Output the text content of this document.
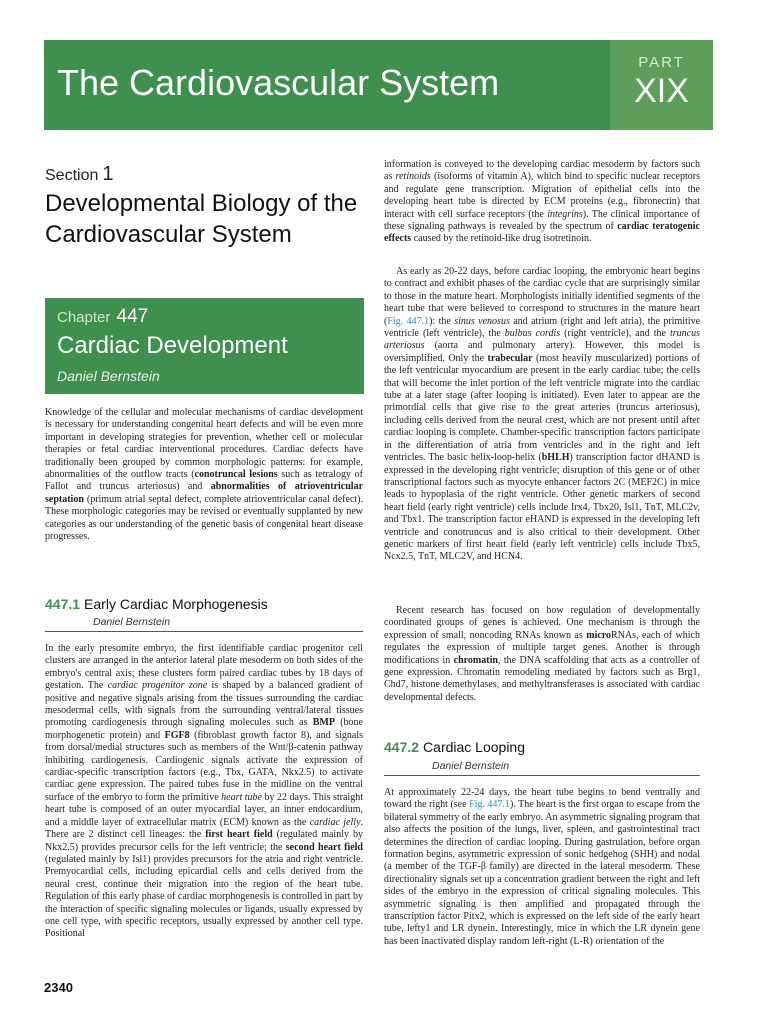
The Cardiovascular System	PART
XIX
Section 1
Developmental Biology of the Cardiovascular System
Chapter 447
Cardiac Development
Daniel Bernstein
Knowledge of the cellular and molecular mechanisms of cardiac development is necessary for understanding congenital heart defects and will be even more important in developing strategies for prevention, whether cell or molecular therapies or fetal cardiac interventional procedures. Cardiac defects have traditionally been grouped by common morphologic patterns: for example, abnormalities of the outflow tracts (conotruncal lesions such as tetralogy of Fallot and truncus arteriosus) and abnormalities of atrioventricular septation (primum atrial septal defect, complete atrioventricular canal defect). These morphologic categories may be revised or eventually supplanted by new categories as our understanding of the genetic basis of congenital heart disease progresses.
447.1 Early Cardiac Morphogenesis
Daniel Bernstein
In the early presomite embryo, the first identifiable cardiac progenitor cell clusters are arranged in the anterior lateral plate mesoderm on both sides of the embryo's central axis; these clusters form paired cardiac tubes by 18 days of gestation. The cardiac progenitor zone is shaped by a balanced gradient of positive and negative signals arising from the tissues surrounding the cardiac mesodermal cells, with signals from the surrounding ventral/lateral tissues promoting cardiogenesis through signaling molecules such as BMP (bone morphogenetic protein) and FGF8 (fibroblast growth factor 8), and signals from dorsal/medial structures such as members of the Wnt/β-catenin pathway inhibiting cardiogenesis. Cardiogenic signals activate the expression of cardiac-specific transcription factors (e.g., Tbx, GATA, Nkx2.5) to activate cardiac gene expression. The paired tubes fuse in the midline on the ventral surface of the embryo to form the primitive heart tube by 22 days. This straight heart tube is composed of an outer myocardial layer, an inner endocardium, and a middle layer of extracellular matrix (ECM) known as the cardiac jelly. There are 2 distinct cell lineages: the first heart field (regulated mainly by Nkx2.5) provides precursor cells for the left ventricle; the second heart field (regulated mainly by Isl1) provides precursors for the atria and right ventricle. Premyocardial cells, including epicardial cells and cells derived from the neural crest, continue their migration into the region of the heart tube. Regulation of this early phase of cardiac morphogenesis is controlled in part by the interaction of specific signaling molecules or ligands, usually expressed by one cell type, with specific receptors, usually expressed by another cell type. Positional
information is conveyed to the developing cardiac mesoderm by factors such as retinoids (isoforms of vitamin A), which bind to specific nuclear receptors and regulate gene transcription. Migration of epithelial cells into the developing heart tube is directed by ECM proteins (e.g., fibronectin) that interact with cell surface receptors (the integrins). The clinical importance of these signaling pathways is revealed by the spectrum of cardiac teratogenic effects caused by the retinoid-like drug isotretinoin.
As early as 20-22 days, before cardiac looping, the embryonic heart begins to contract and exhibit phases of the cardiac cycle that are surprisingly similar to those in the mature heart. Morphologists initially identified segments of the heart tube that were believed to correspond to structures in the mature heart (Fig. 447.1): the sinus venosus and atrium (right and left atria), the primitive ventricle (left ventricle), the bulbus cordis (right ventricle), and the truncus arteriosus (aorta and pulmonary artery). However, this model is oversimplified. Only the trabecular (most heavily muscularized) portions of the left ventricular myocardium are present in the early cardiac tube; the cells that will become the inlet portion of the left ventricle migrate into the cardiac tube at a later stage (after looping is initiated). Even later to appear are the primordial cells that give rise to the great arteries (truncus arteriosus), including cells derived from the neural crest, which are not present until after cardiac looping is complete. Chamber-specific transcription factors participate in the differentiation of atria from ventricles and in the right and left ventricles. The basic helix-loop-helix (bHLH) transcription factor dHAND is expressed in the developing right ventricle; disruption of this gene or of other transcriptional factors such as myocyte enhancer factors 2C (MEF2C) in mice leads to hypoplasia of the right ventricle. Other genetic markers of second heart field (early right ventricle) cells include Irx4, Tbx20, Isl1, TnT, MLC2v, and Tbx1. The transcription factor eHAND is expressed in the developing left ventricle and conotruncus and is also critical to their development. Other genetic markers of first heart field (early left ventricle) cells include Tbx5, Ncx2.5, TnT, MLC2V, and HCN4.
Recent research has focused on how regulation of developmentally coordinated groups of genes is achieved. One mechanism is through the expression of small, noncoding RNAs known as microRNAs, each of which regulates the expression of multiple target genes. Another is through modifications in chromatin, the DNA scaffolding that acts as a controller of gene expression. Chromatin remodeling mediated by factors such as Brg1, Chd7, histone demethylases, and methyltransferases is associated with cardiac developmental defects.
447.2 Cardiac Looping
Daniel Bernstein
At approximately 22-24 days, the heart tube begins to bend ventrally and toward the right (see Fig. 447.1). The heart is the first organ to escape from the bilateral symmetry of the early embryo. An asymmetric signaling program that also affects the position of the lungs, liver, spleen, and gastrointestinal tract determines the direction of cardiac looping. During gastrulation, before organ formation begins, asymmetric expression of sonic hedgehog (SHH) and nodal (a member of the TGF-β family) are directed in the lateral mesoderm. These directionality signals set up a concentration gradient between the right and left sides of the embryo in the expression of critical signaling molecules. This asymmetric signaling is then amplified and propagated through the transcription factor Pitx2, which is expressed on the left side of the early heart tube, lefty1 and LR dynein. Interestingly, mice in which the LR dynein gene has been inactivated display random left-right (L-R) orientation of the
2340
